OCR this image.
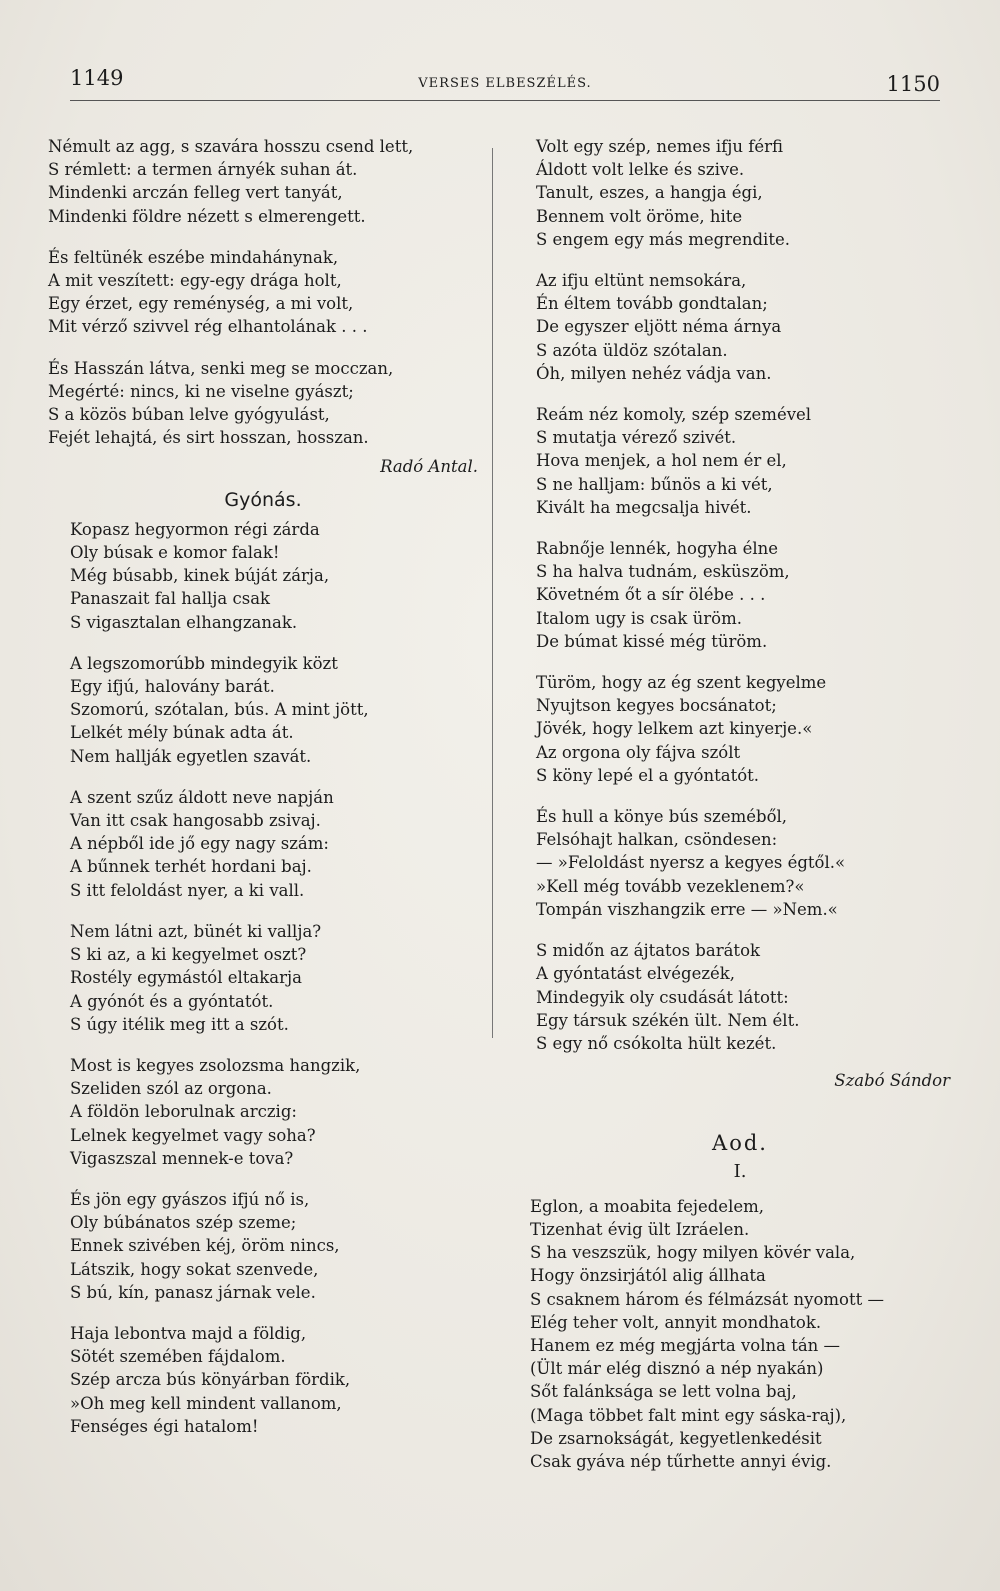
1149	VERSES ELBESZÉLÉS.	1150
Némult az agg, s szavára hosszu csend lett,
S rémlett: a termen árnyék suhan át.
Mindenki arczán felleg vert tanyát,
Mindenki földre nézett s elmerengett.
És feltünék eszébe mindahánynak,
A mit veszített: egy-egy drága holt,
Egy érzet, egy reménység, a mi volt,
Mit vérző szivvel rég elhantolának . . .
És Hasszán látva, senki meg se mocczan,
Megérté: nincs, ki ne viselne gyászt;
S a közös búban lelve gyógyulást,
Fejét lehajtá, és sirt hosszan, hosszan.
Radó Antal.
Gyónás.
Kopasz hegyormon régi zárda
Oly búsak e komor falak!
Még búsabb, kinek búját zárja,
Panaszait fal hallja csak
S vigasztalan elhangzanak.
A legszomorúbb mindegyik közt
Egy ifjú, halovány barát.
Szomorú, szótalan, bús. A mint jött,
Lelkét mély búnak adta át.
Nem hallják egyetlen szavát.
A szent szűz áldott neve napján
Van itt csak hangosabb zsivaj.
A népből ide jő egy nagy szám:
A bűnnek terhét hordani baj.
S itt feloldást nyer, a ki vall.
Nem látni azt, bünét ki vallja?
S ki az, a ki kegyelmet oszt?
Rostély egymástól eltakarja
A gyónót és a gyóntatót.
S úgy itélik meg itt a szót.
Most is kegyes zsolozsma hangzik,
Szeliden szól az orgona.
A földön leborulnak arczig:
Lelnek kegyelmet vagy soha?
Vigaszszal mennek-e tova?
És jön egy gyászos ifjú nő is,
Oly búbánatos szép szeme;
Ennek szivében kéj, öröm nincs,
Látszik, hogy sokat szenvede,
S bú, kín, panasz járnak vele.
Haja lebontva majd a földig,
Sötét szemében fájdalom.
Szép arcza bús könyárban fördik,
»Oh meg kell mindent vallanom,
Fenséges égi hatalom!
Volt egy szép, nemes ifju férfi
Áldott volt lelke és szive.
Tanult, eszes, a hangja égi,
Bennem volt öröme, hite
S engem egy más megrendite.
Az ifju eltünt nemsokára,
Én éltem tovább gondtalan;
De egyszer eljött néma árnya
S azóta üldöz szótalan.
Óh, milyen nehéz vádja van.
Reám néz komoly, szép szemével
S mutatja vérező szivét.
Hova menjek, a hol nem ér el,
S ne halljam: bűnös a ki vét,
Kivált ha megcsalja hivét.
Rabnője lennék, hogyha élne
S ha halva tudnám, esküszöm,
Követném őt a sír ölébe . . .
Italom ugy is csak üröm.
De búmat kissé még türöm.
Türöm, hogy az ég szent kegyelme
Nyujtson kegyes bocsánatot;
Jövék, hogy lelkem azt kinyerje.«
Az orgona oly fájva szólt
S köny lepé el a gyóntatót.
És hull a könye bús szeméből,
Felsóhajt halkan, csöndesen:
— »Feloldást nyersz a kegyes égtől.«
»Kell még tovább vezeklenem?«
Tompán viszhangzik erre — »Nem.«
S midőn az ájtatos barátok
A gyóntatást elvégezék,
Mindegyik oly csudását látott:
Egy társuk székén ült. Nem élt.
S egy nő csókolta hült kezét.
Szabó Sándor
Aod.
I.
Eglon, a moabita fejedelem,
Tizenhat évig ült Izráelen.
S ha veszszük, hogy milyen kövér vala,
Hogy önzsirjától alig állhata
S csaknem három és félmázsát nyomott —
Elég teher volt, annyit mondhatok.
Hanem ez még megjárta volna tán —
(Ült már elég disznó a nép nyakán)
Sőt falánksága se lett volna baj,
(Maga többet falt mint egy sáska-raj),
De zsarnokságát, kegyetlenkedésit
Csak gyáva nép tűrhette annyi évig.
